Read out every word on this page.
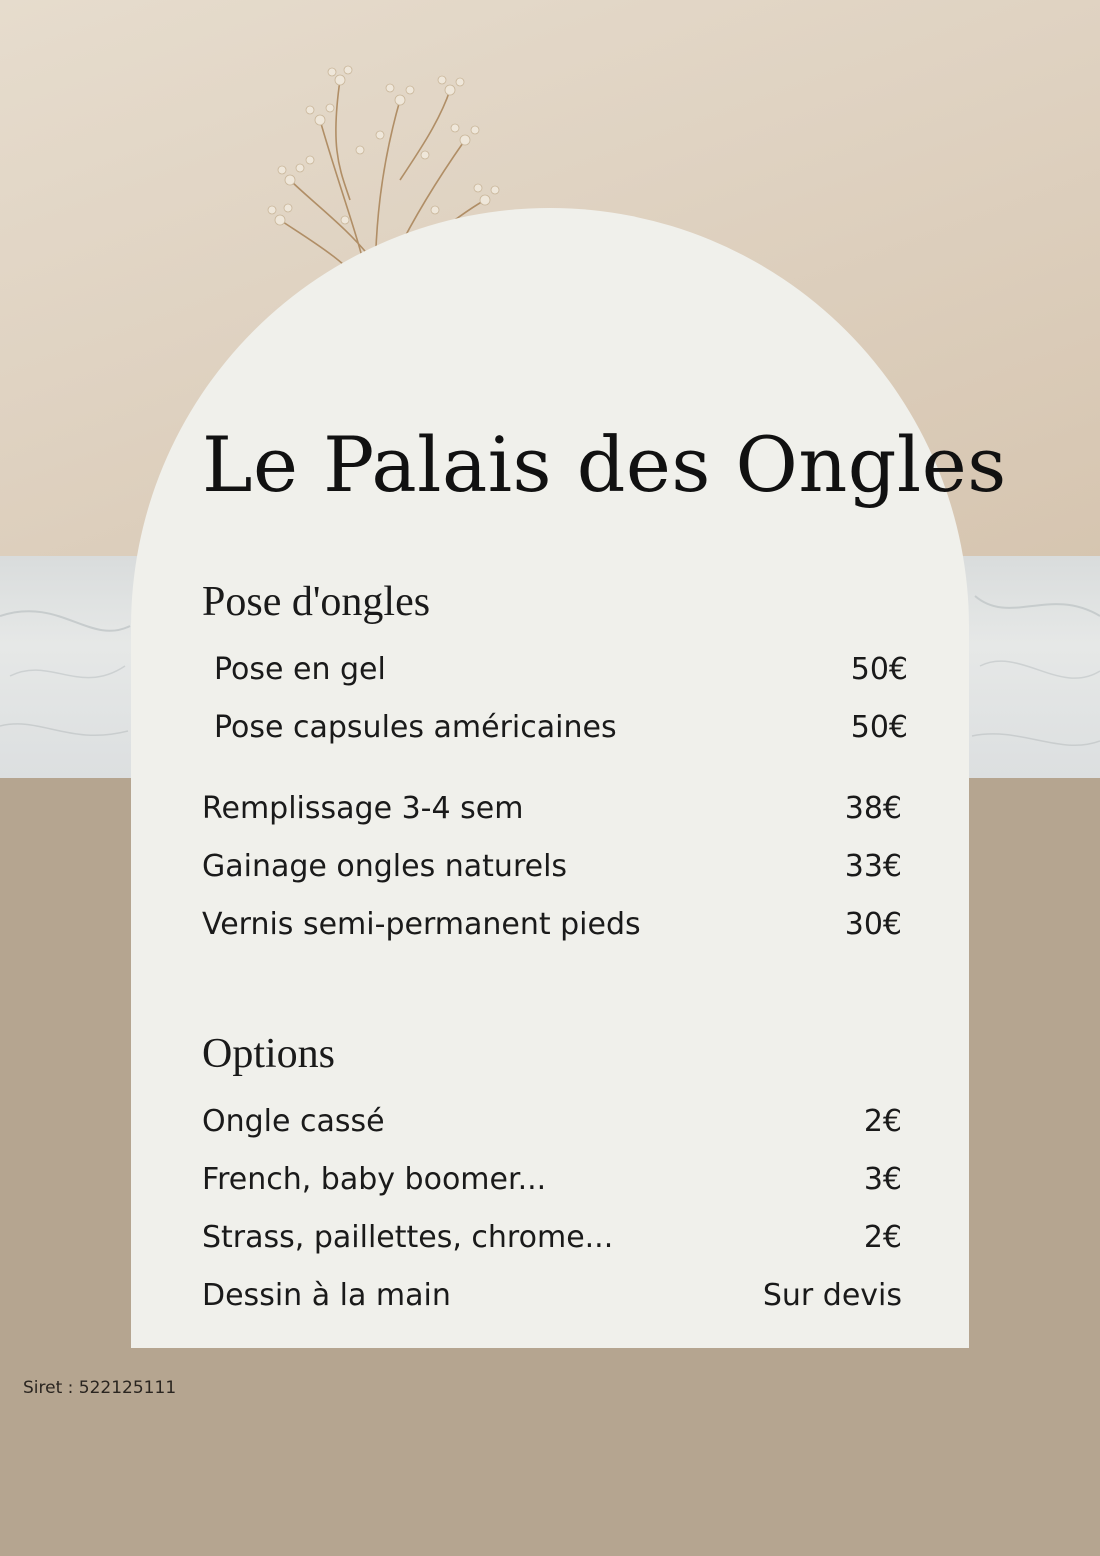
Le Palais des Ongles
Pose d'ongles
Pose en gel	50€
Pose capsules américaines	50€
Remplissage 3-4 sem	38€
Gainage ongles naturels	33€
Vernis semi-permanent pieds	30€
Options
Ongle cassé	2€
French, baby boomer...	3€
Strass, paillettes, chrome...	2€
Dessin à la main	Sur devis
Siret : 522125111
